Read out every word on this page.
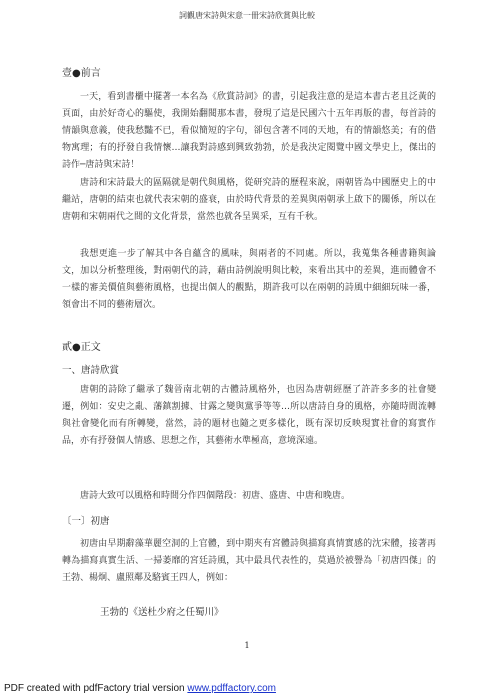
詞觀唐宋詩與宋意一冊宋詩欣賞與比較
壹●前言

一天，看到書櫃中擺著一本名為《欣賞詩詞》的書，引起我注意的是這本書古老且泛黃的頁面，由於好奇心的驅使，我開始翻閱那本書，發現了這是民國六十五年再版的書，每首詩的情韻與意義，使我愁豔不已，看似簡短的字句，卻包含著不同的天地，有的情韻悠美；有的借物寓理；有的抒發自我情懷…讓我對詩感到興致勃勃，於是我決定閱覽中國文學史上，傑出的詩作─唐詩與宋詩！

唐詩和宋詩最大的區隔就是朝代與風格，從研究詩的歷程來說，兩朝皆為中國歷史上的中繼站，唐朝的結束也就代表宋朝的盛衰，由於時代背景的差異與兩朝承上啟下的關係，所以在唐朝和宋朝兩代之間的文化背景，當然也就各呈異采，互有千秋。

我想更進一步了解其中各自蘊含的風味，與兩者的不同處。所以，我蒐集各種書籍與論文，加以分析整理後，對兩朝代的詩，藉由詩例說明與比較，來看出其中的差異，進而體會不一樣的審美價值與藝術風格，也提出個人的觀點，期許我可以在兩朝的詩風中細細玩味一番，領會出不同的藝術層次。

貳●正文
一、唐詩欣賞

唐朝的詩除了繼承了魏晉南北朝的古體詩風格外，也因為唐朝經歷了許許多多的社會變遷，例如：安史之亂、藩鎮割據、甘露之變與黨爭等等…所以唐詩自身的風格，亦隨時間流轉與社會變化而有所轉變，當然，詩的題材也隨之更多樣化，既有深切反映現實社會的寫實作品，亦有抒發個人情感、思想之作，其藝術水準極高，意境深遠。

唐詩大致可以風格和時間分作四個階段：初唐、盛唐、中唐和晚唐。

〔一〕初唐

初唐由早期辭藻華麗空洞的上官體，到中期夾有宮體詩與描寫真情實感的沈宋體，接著再轉為描寫真實生活、一掃萎靡的宮廷詩風，其中最具代表性的，莫過於被譽為「初唐四傑」的王勃、楊炯、盧照鄰及駱賓王四人，例如：

王勃的《送杜少府之任蜀川》
1
PDF created with pdfFactory trial version www.pdffactory.com
